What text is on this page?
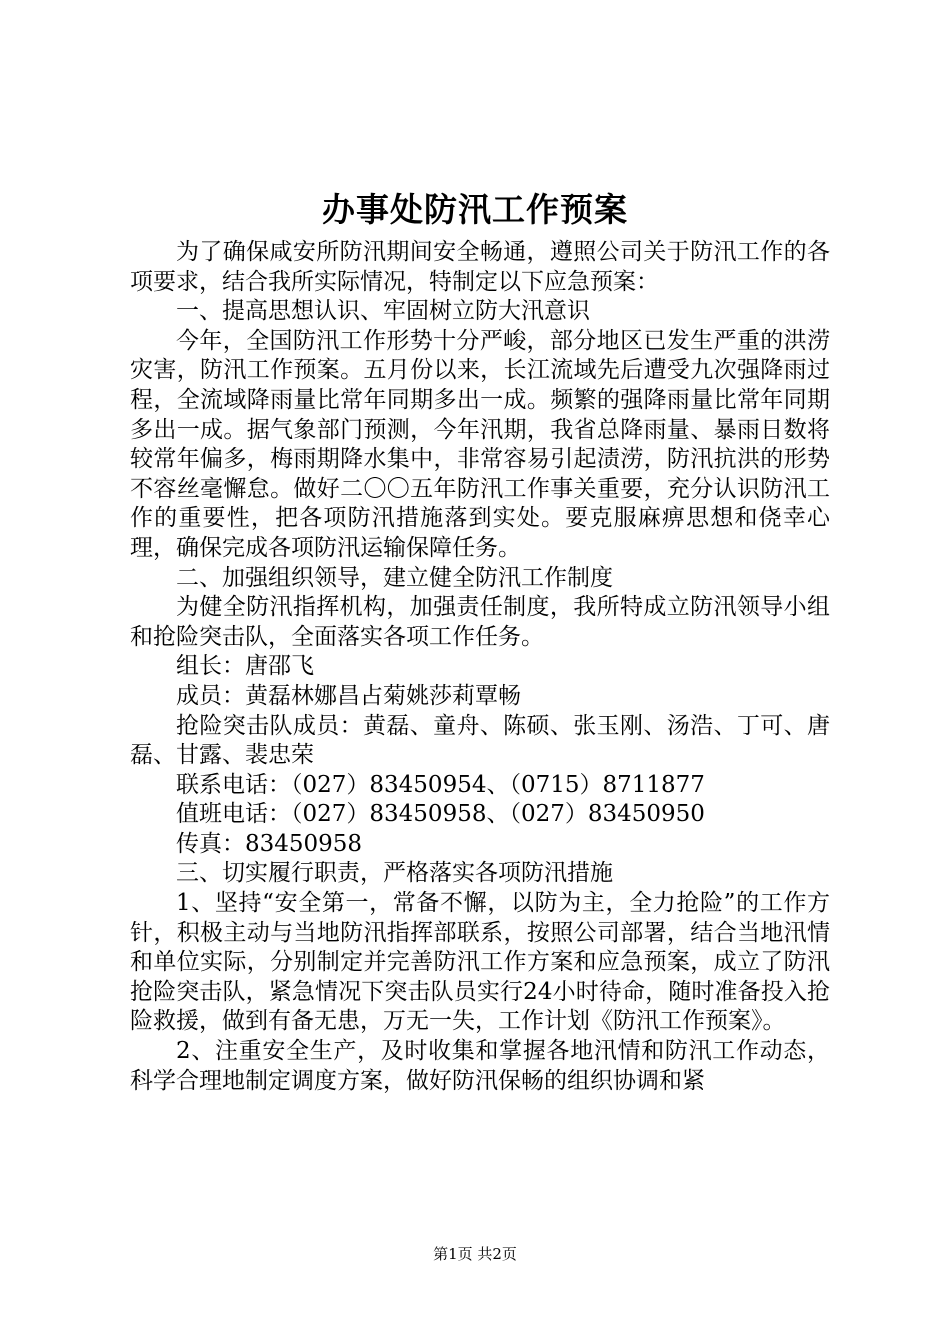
办事处防汛工作预案

为了确保咸安所防汛期间安全畅通，遵照公司关于防汛工作的各项要求，结合我所实际情况，特制定以下应急预案：

一、提高思想认识、牢固树立防大汛意识

今年，全国防汛工作形势十分严峻，部分地区已发生严重的洪涝灾害，防汛工作预案。五月份以来，长江流域先后遭受九次强降雨过程，全流域降雨量比常年同期多出一成。频繁的强降雨量比常年同期多出一成。据气象部门预测，今年汛期，我省总降雨量、暴雨日数将较常年偏多，梅雨期降水集中，非常容易引起渍涝，防汛抗洪的形势不容丝毫懈怠。做好二〇〇五年防汛工作事关重要，充分认识防汛工作的重要性，把各项防汛措施落到实处。要克服麻痹思想和侥幸心理，确保完成各项防汛运输保障任务。

二、加强组织领导，建立健全防汛工作制度

为健全防汛指挥机构，加强责任制度，我所特成立防汛领导小组和抢险突击队，全面落实各项工作任务。

组长：唐邵飞

成员：黄磊林娜昌占菊姚莎莉覃畅

抢险突击队成员：黄磊、童舟、陈硕、张玉刚、汤浩、丁可、唐磊、甘露、裴忠荣

联系电话：（027）83450954、（0715）8711877

值班电话：（027）83450958、（027）83450950

传真：83450958

三、切实履行职责，严格落实各项防汛措施

1、坚持“安全第一，常备不懈，以防为主，全力抢险”的工作方针，积极主动与当地防汛指挥部联系，按照公司部署，结合当地汛情和单位实际，分别制定并完善防汛工作方案和应急预案，成立了防汛抢险突击队，紧急情况下突击队员实行24小时待命，随时准备投入抢险救援，做到有备无患，万无一失，工作计划《防汛工作预案》。

2、注重安全生产，及时收集和掌握各地汛情和防汛工作动态，科学合理地制定调度方案，做好防汛保畅的组织协调和紧

第1页 共2页
